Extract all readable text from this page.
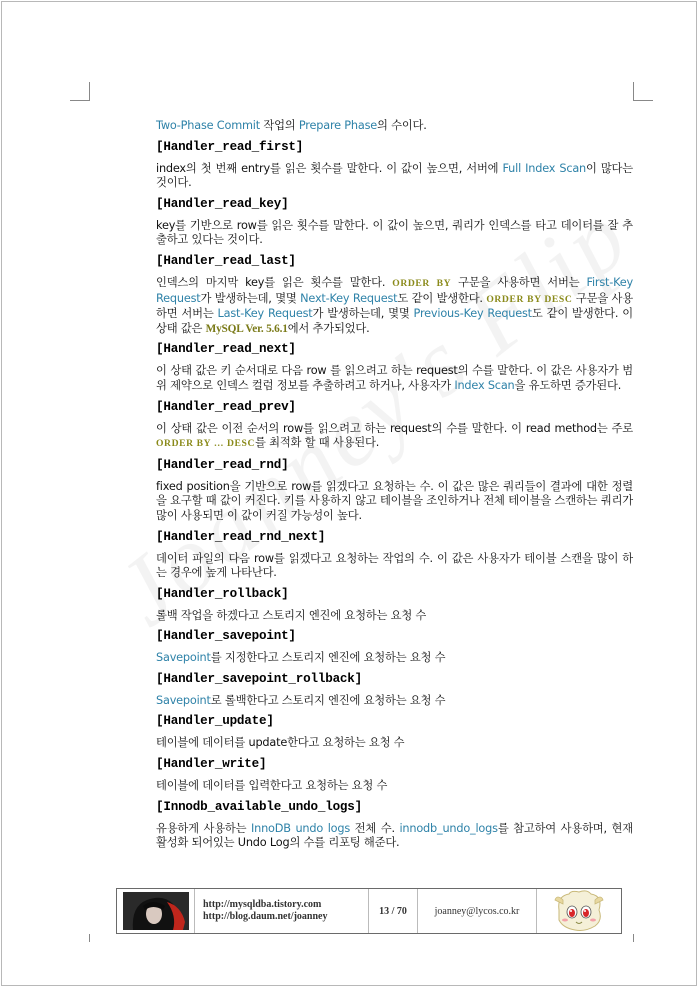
Two-Phase Commit 작업의 Prepare Phase의 수이다.
[Handler_read_first]
index의 첫 번째 entry를 읽은 횟수를 말한다. 이 값이 높으면, 서버에 Full Index Scan이 많다는 것이다.
[Handler_read_key]
key를 기반으로 row를 읽은 횟수를 말한다. 이 값이 높으면, 쿼리가 인덱스를 타고 데이터를 잘 추출하고 있다는 것이다.
[Handler_read_last]
인덱스의 마지막 key를 읽은 횟수를 말한다. ORDER BY 구문을 사용하면 서버는 First-Key Request가 발생하는데, 몇몇 Next-Key Request도 같이 발생한다. ORDER BY DESC 구문을 사용하면 서버는 Last-Key Request가 발생하는데, 몇몇 Previous-Key Request도 같이 발생한다. 이 상태 값은 MySQL Ver. 5.6.1에서 추가되었다.
[Handler_read_next]
이 상태 값은 키 순서대로 다음 row 를 읽으려고 하는 request의 수를 말한다. 이 값은 사용자가 범위 제약으로 인덱스 컬럼 정보를 추출하려고 하거나, 사용자가 Index Scan을 유도하면 증가된다.
[Handler_read_prev]
이 상태 값은 이전 순서의 row를 읽으려고 하는 request의 수를 말한다. 이 read method는 주로 ORDER BY … DESC를 최적화 할 때 사용된다.
[Handler_read_rnd]
fixed position을 기반으로 row를 읽겠다고 요청하는 수. 이 값은 많은 쿼리들이 결과에 대한 정렬을 요구할 때 값이 커진다. 키를 사용하지 않고 테이블을 조인하거나 전체 테이블을 스캔하는 쿼리가 많이 사용되면 이 값이 커질 가능성이 높다.
[Handler_read_rnd_next]
데이터 파일의 다음 row를 읽겠다고 요청하는 작업의 수. 이 값은 사용자가 테이블 스캔을 많이 하는 경우에 높게 나타난다.
[Handler_rollback]
롤백 작업을 하겠다고 스토리지 엔진에 요청하는 요청 수
[Handler_savepoint]
Savepoint를 지정한다고 스토리지 엔진에 요청하는 요청 수
[Handler_savepoint_rollback]
Savepoint로 롤백한다고 스토리지 엔진에 요청하는 요청 수
[Handler_update]
테이블에 데이터를 update한다고 요청하는 요청 수
[Handler_write]
테이블에 데이터를 입력한다고 요청하는 요청 수
[Innodb_available_undo_logs]
유용하게 사용하는 InnoDB undo logs 전체 수. innodb_undo_logs를 참고하여 사용하며, 현재 활성화 되어있는 Undo Log의 수를 리포팅 해준다.
http://mysqldba.tistory.com
http://blog.daum.net/joanney	13 / 70	joanney@lycos.co.kr
